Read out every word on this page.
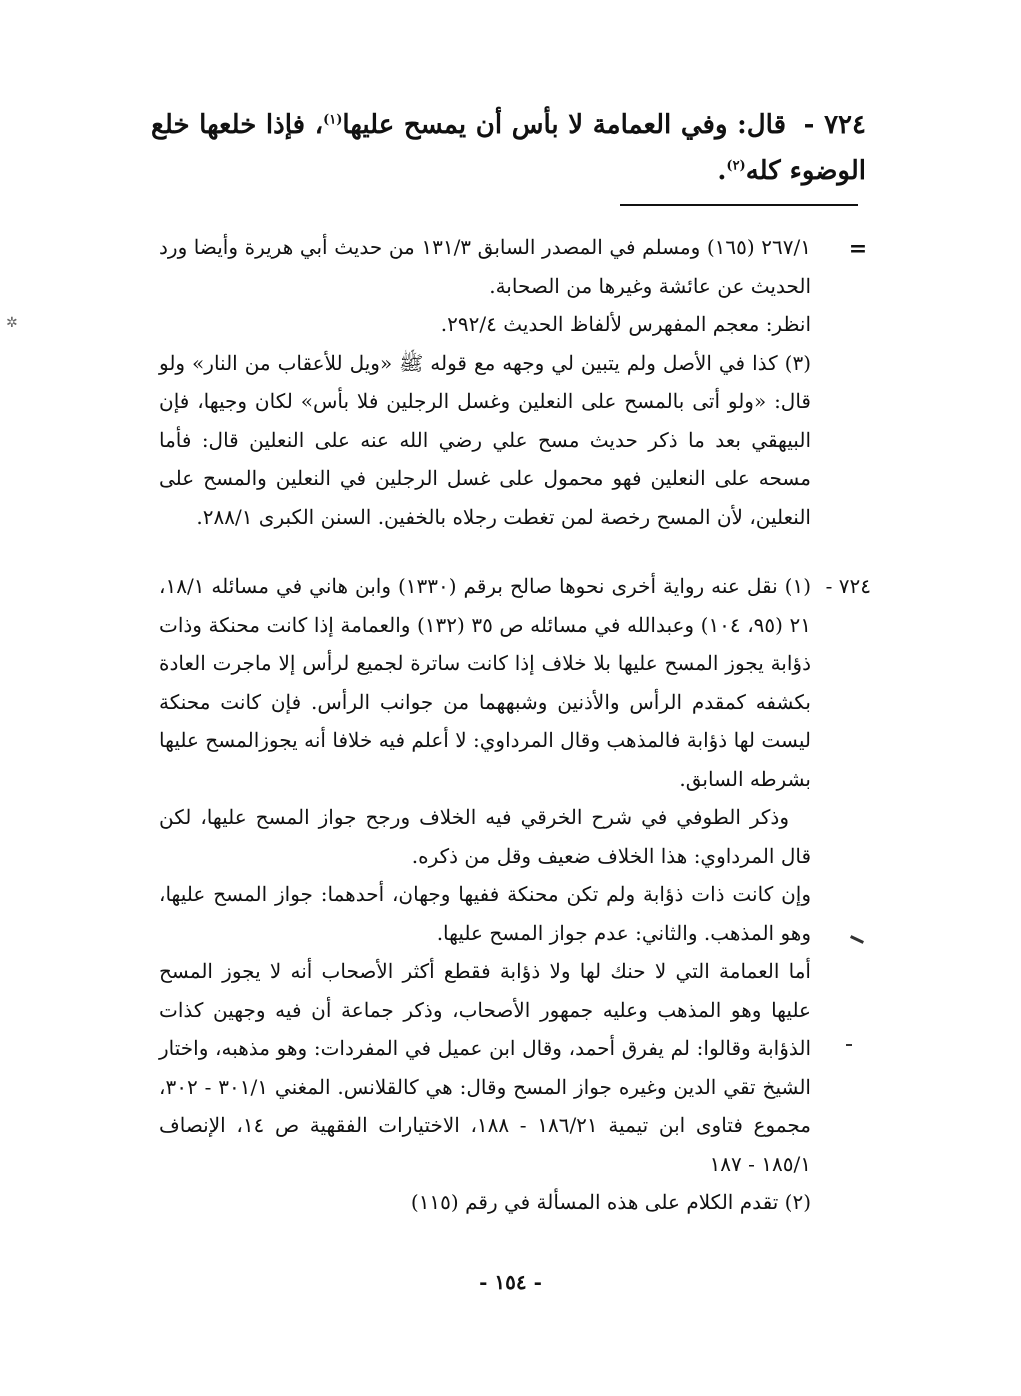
٧٢٤ - قال: وفي العمامة لا بأس أن يمسح عليها$^{(١)}$، فإذا خلعها خلع الوضوء كله$^{(٢)}$.
=

٢٦٧/١ (١٦٥) ومسلم في المصدر السابق ١٣١/٣ من حديث أبي هريرة وأيضا ورد الحديث عن عائشة وغيرها من الصحابة.

انظر: معجم المفهرس لألفاظ الحديث ٢٩٢/٤.

(٣) كذا في الأصل ولم يتبين لي وجهه مع قوله ﷺ «ويل للأعقاب من النار» ولو قال: «ولو أتى بالمسح على النعلين وغسل الرجلين فلا بأس» لكان وجيها، فإن البيهقي بعد ما ذكر حديث مسح علي رضي الله عنه على النعلين قال: فأما مسحه على النعلين فهو محمول على غسل الرجلين في النعلين والمسح على النعلين، لأن المسح رخصة لمن تغطت رجلاه بالخفين. السنن الكبرى ٢٨٨/١.

٧٢٤ -

(١) نقل عنه رواية أخرى نحوها صالح برقم (١٣٣٠) وابن هاني في مسائله ١٨/١، ٢١ (٩٥، ١٠٤) وعبدالله في مسائله ص ٣٥ (١٣٢) والعمامة إذا كانت محنكة وذات ذؤابة يجوز المسح عليها بلا خلاف إذا كانت ساترة لجميع لرأس إلا ماجرت العادة بكشفه كمقدم الرأس والأذنين وشبههما من جوانب الرأس. فإن كانت محنكة ليست لها ذؤابة فالمذهب وقال المرداوي: لا أعلم فيه خلافا أنه يجوزالمسح عليها بشرطه السابق.

وذكر الطوفي في شرح الخرقي فيه الخلاف ورجح جواز المسح عليها، لكن قال المرداوي: هذا الخلاف ضعيف وقل من ذكره.

وإن كانت ذات ذؤابة ولم تكن محنكة ففيها وجهان، أحدهما: جواز المسح عليها، وهو المذهب. والثاني: عدم جواز المسح عليها.

أما العمامة التي لا حنك لها ولا ذؤابة فقطع أكثر الأصحاب أنه لا يجوز المسح عليها وهو المذهب وعليه جمهور الأصحاب، وذكر جماعة أن فيه وجهين كذات الذؤابة وقالوا: لم يفرق أحمد، وقال ابن عميل في المفردات: وهو مذهبه، واختار الشيخ تقي الدين وغيره جواز المسح وقال: هي كالقلانس. المغني ٣٠١/١ - ٣٠٢، مجموع فتاوى ابن تيمية ١٨٦/٢١ - ١٨٨، الاختيارات الفقهية ص ١٤، الإنصاف ١٨٥/١ - ١٨٧

(٢) تقدم الكلام على هذه المسألة في رقم (١١٥)

- ١٥٤ -
✲
